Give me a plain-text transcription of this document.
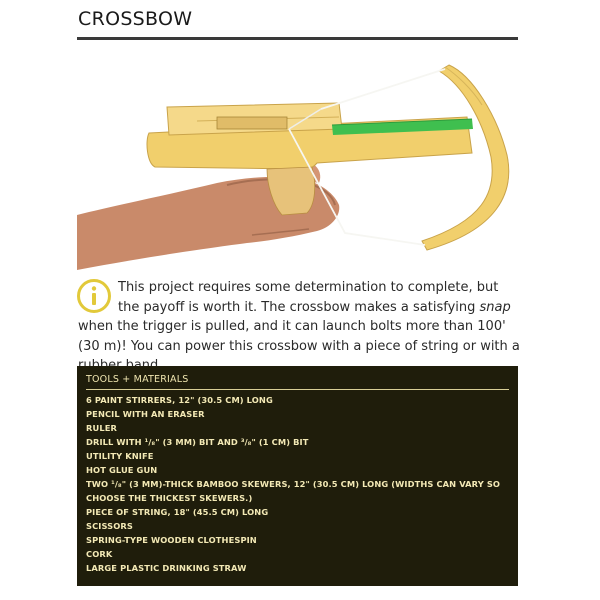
CROSSBOW

This project requires some determination to complete, but the payoff is worth it. The crossbow makes a satisfying snap when the trigger is pulled, and it can launch bolts more than 100' (30 m)! You can power this crossbow with a piece of string or with a

TOOLS + MATERIALS
6 PAINT STIRRERS, 12" (30.5 CM) LONG
PENCIL WITH AN ERASER
RULER
DRILL WITH ¹/₈" (3 MM) BIT AND ³/₈" (1 CM) BIT
UTILITY KNIFE
HOT GLUE GUN
TWO ¹/₈" (3 MM)-THICK BAMBOO SKEWERS, 12" (30.5 CM) LONG (WIDTHS CAN VARY SO CHOOSE THE THICKEST SKEWERS.)
PIECE OF STRING, 18" (45.5 CM) LONG
SCISSORS
SPRING-TYPE WOODEN CLOTHESPIN
CORK
LARGE PLASTIC DRINKING STRAW
